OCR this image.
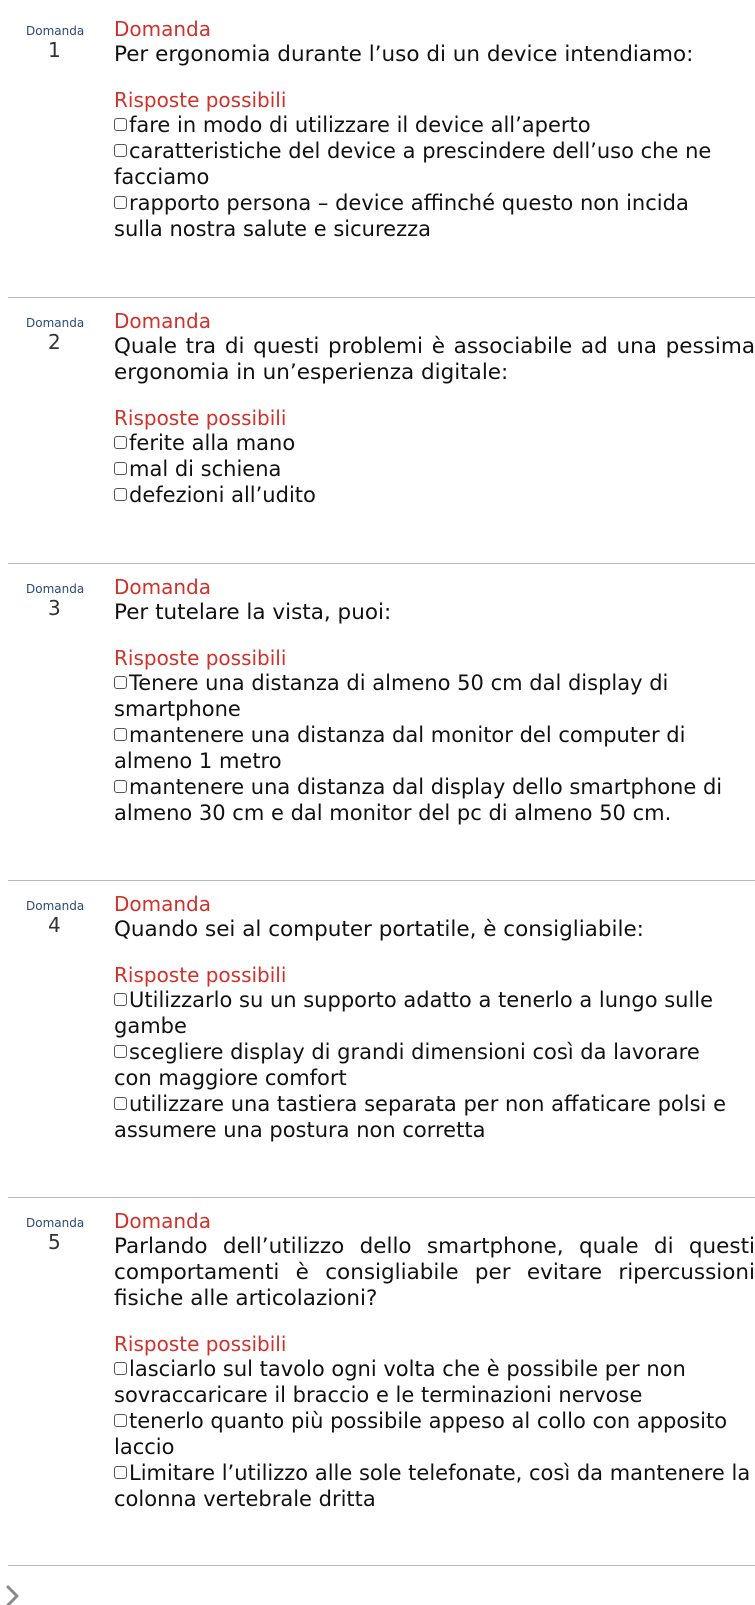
Domanda
1
Domanda
Per ergonomia durante l’uso di un device intendiamo:
Risposte possibili
fare in modo di utilizzare il device all’aperto
caratteristiche del device a prescindere dell’uso che ne facciamo
rapporto persona – device affinché questo non incida sulla nostra salute e sicurezza
Domanda
2
Domanda
Quale tra di questi problemi è associabile ad una pessima ergonomia in un’esperienza digitale:
Risposte possibili
ferite alla mano
mal di schiena
defezioni all’udito
Domanda
3
Domanda
Per tutelare la vista, puoi:
Risposte possibili
Tenere una distanza di almeno 50 cm dal display di smartphone
mantenere una distanza dal monitor del computer di almeno 1 metro
mantenere una distanza dal display dello smartphone di almeno 30 cm e dal monitor del pc di almeno 50 cm.
Domanda
4
Domanda
Quando sei al computer portatile, è consigliabile:
Risposte possibili
Utilizzarlo su un supporto adatto a tenerlo a lungo sulle gambe
scegliere display di grandi dimensioni così da lavorare con maggiore comfort
utilizzare una tastiera separata per non affaticare polsi e assumere una postura non corretta
Domanda
5
Domanda
Parlando dell’utilizzo dello smartphone, quale di questi comportamenti è consigliabile per evitare ripercussioni fisiche alle articolazioni?
Risposte possibili
lasciarlo sul tavolo ogni volta che è possibile per non sovraccaricare il braccio e le terminazioni nervose
tenerlo quanto più possibile appeso al collo con apposito laccio
Limitare l’utilizzo alle sole telefonate, così da mantenere la colonna vertebrale dritta
